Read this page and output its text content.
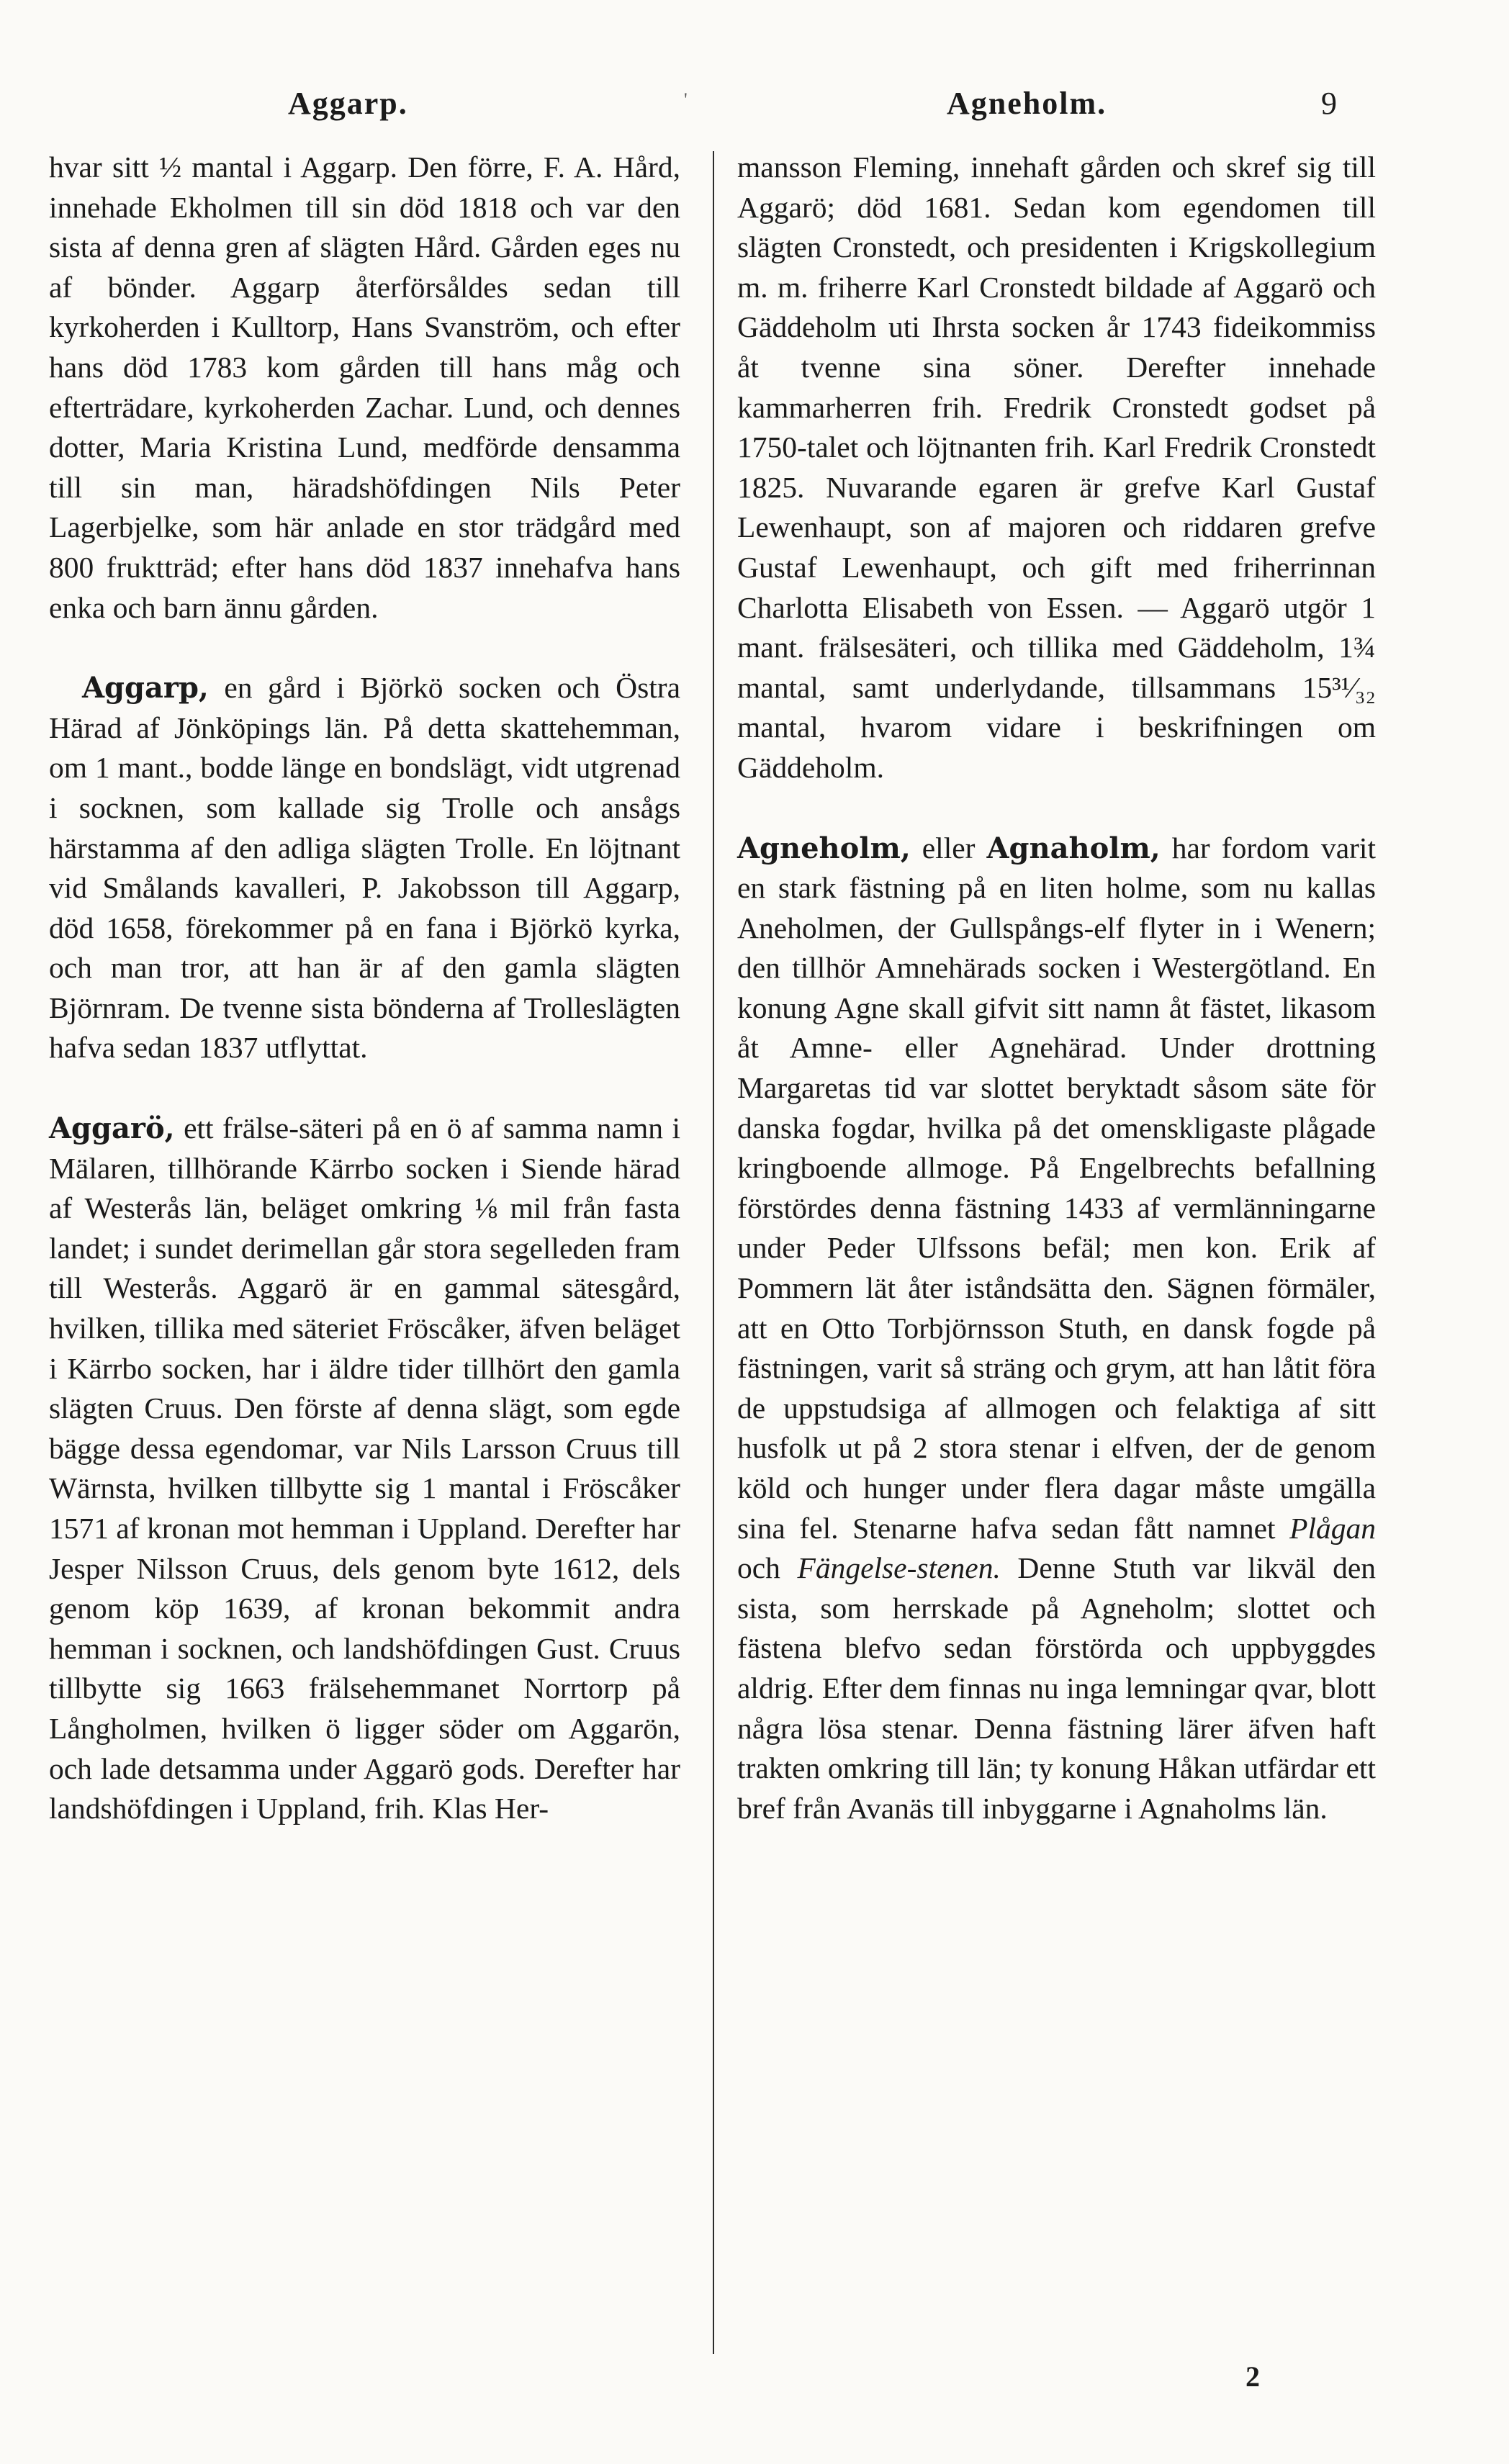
Aggarp.	'	Agneholm.	9

hvar sitt ½ mantal i Aggarp. Den förre, F. A. Hård, innehade Ekholmen till sin död 1818 och var den sista af denna gren af slägten Hård. Gården eges nu af bönder. Aggarp återförsåldes sedan till kyrkoherden i Kulltorp, Hans Svanström, och efter hans död 1783 kom gården till hans måg och efterträdare, kyrkoherden Zachar. Lund, och dennes dotter, Maria Kristina Lund, medförde densamma till sin man, häradshöfdingen Nils Peter Lagerbjelke, som här anlade en stor trädgård med 800 fruktträd; efter hans död 1837 innehafva hans enka och barn ännu gården.

Aggarp, en gård i Björkö socken och Östra Härad af Jönköpings län. På detta skattehemman, om 1 mant., bodde länge en bondslägt, vidt utgrenad i socknen, som kallade sig Trolle och ansågs härstamma af den adliga slägten Trolle. En löjtnant vid Smålands kavalleri, P. Jakobsson till Aggarp, död 1658, förekommer på en fana i Björkö kyrka, och man tror, att han är af den gamla slägten Björnram. De tvenne sista bönderna af Trolleslägten hafva sedan 1837 utflyttat.

Aggarö, ett frälse-säteri på en ö af samma namn i Mälaren, tillhörande Kärrbo socken i Siende härad af Westerås län, beläget omkring ⅛ mil från fasta landet; i sundet derimellan går stora segelleden fram till Westerås. Aggarö är en gammal sätesgård, hvilken, tillika med säteriet Fröscåker, äfven beläget i Kärrbo socken, har i äldre tider tillhört den gamla slägten Cruus. Den förste af denna slägt, som egde bägge dessa egendomar, var Nils Larsson Cruus till Wärnsta, hvilken tillbytte sig 1 mantal i Fröscåker 1571 af kronan mot hemman i Uppland. Derefter har Jesper Nilsson Cruus, dels genom byte 1612, dels genom köp 1639, af kronan bekommit andra hemman i socknen, och landshöfdingen Gust. Cruus tillbytte sig 1663 frälsehemmanet Norrtorp på Långholmen, hvilken ö ligger söder om Aggarön, och lade detsamma under Aggarö gods. Derefter har landshöfdingen i Uppland, frih. Klas Her-

mansson Fleming, innehaft gården och skref sig till Aggarö; död 1681. Sedan kom egendomen till slägten Cronstedt, och presidenten i Krigskollegium m. m. friherre Karl Cronstedt bildade af Aggarö och Gäddeholm uti Ihrsta socken år 1743 fideikommiss åt tvenne sina söner. Derefter innehade kammarherren frih. Fredrik Cronstedt godset på 1750-talet och löjtnanten frih. Karl Fredrik Cronstedt 1825. Nuvarande egaren är grefve Karl Gustaf Lewenhaupt, son af majoren och riddaren grefve Gustaf Lewenhaupt, och gift med friherrinnan Charlotta Elisabeth von Essen. — Aggarö utgör 1 mant. frälsesäteri, och tillika med Gäddeholm, 1¾ mantal, samt underlydande, tillsammans 15³¹⁄₃₂ mantal, hvarom vidare i beskrifningen om Gäddeholm.

Agneholm, eller Agnaholm, har fordom varit en stark fästning på en liten holme, som nu kallas Aneholmen, der Gullspångs-elf flyter in i Wenern; den tillhör Amnehärads socken i Westergötland. En konung Agne skall gifvit sitt namn åt fästet, likasom åt Amne- eller Agnehärad. Under drottning Margaretas tid var slottet beryktadt såsom säte för danska fogdar, hvilka på det omenskligaste plågade kringboende allmoge. På Engelbrechts befallning förstördes denna fästning 1433 af vermlänningarne under Peder Ulfssons befäl; men kon. Erik af Pommern lät åter iståndsätta den. Sägnen förmäler, att en Otto Torbjörnsson Stuth, en dansk fogde på fästningen, varit så sträng och grym, att han låtit föra de uppstudsiga af allmogen och felaktiga af sitt husfolk ut på 2 stora stenar i elfven, der de genom köld och hunger under flera dagar måste umgälla sina fel. Stenarne hafva sedan fått namnet Plågan och Fängelse-stenen. Denne Stuth var likväl den sista, som herrskade på Agneholm; slottet och fästena blefvo sedan förstörda och uppbyggdes aldrig. Efter dem finnas nu inga lemningar qvar, blott några lösa stenar. Denna fästning lärer äfven haft trakten omkring till län; ty konung Håkan utfärdar ett bref från Avanäs till inbyggarne i Agnaholms län.

2
